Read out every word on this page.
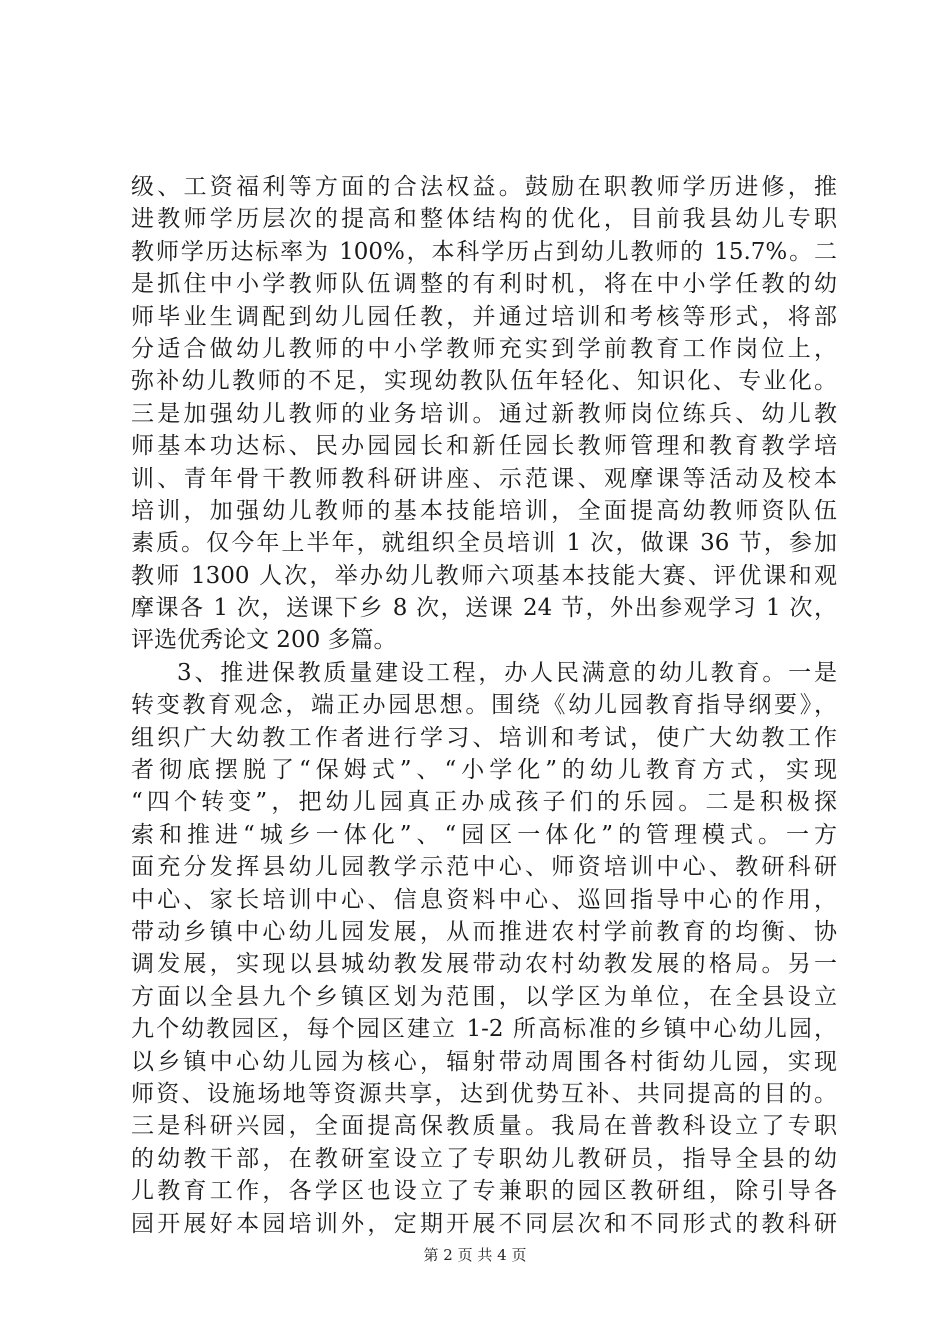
级、工资福利等方面的合法权益。鼓励在职教师学历进修，推
进教师学历层次的提高和整体结构的优化，目前我县幼儿专职
教师学历达标率为 100%，本科学历占到幼儿教师的 15.7%。二
是抓住中小学教师队伍调整的有利时机，将在中小学任教的幼
师毕业生调配到幼儿园任教，并通过培训和考核等形式，将部
分适合做幼儿教师的中小学教师充实到学前教育工作岗位上，
弥补幼儿教师的不足，实现幼教队伍年轻化、知识化、专业化。
三是加强幼儿教师的业务培训。通过新教师岗位练兵、幼儿教
师基本功达标、民办园园长和新任园长教师管理和教育教学培
训、青年骨干教师教科研讲座、示范课、观摩课等活动及校本
培训，加强幼儿教师的基本技能培训，全面提高幼教师资队伍
素质。仅今年上半年，就组织全员培训 1 次，做课 36 节，参加
教师 1300 人次，举办幼儿教师六项基本技能大赛、评优课和观
摩课各 1 次，送课下乡 8 次，送课 24 节，外出参观学习 1 次，
评选优秀论文 200 多篇。
3、推进保教质量建设工程，办人民满意的幼儿教育。一是
转变教育观念，端正办园思想。围绕《幼儿园教育指导纲要》，
组织广大幼教工作者进行学习、培训和考试，使广大幼教工作
者彻底摆脱了“保姆式”、“小学化”的幼儿教育方式，实现
“四个转变”，把幼儿园真正办成孩子们的乐园。二是积极探
索和推进“城乡一体化”、“园区一体化”的管理模式。一方
面充分发挥县幼儿园教学示范中心、师资培训中心、教研科研
中心、家长培训中心、信息资料中心、巡回指导中心的作用，
带动乡镇中心幼儿园发展，从而推进农村学前教育的均衡、协
调发展，实现以县城幼教发展带动农村幼教发展的格局。另一
方面以全县九个乡镇区划为范围，以学区为单位，在全县设立
九个幼教园区，每个园区建立 1-2 所高标准的乡镇中心幼儿园，
以乡镇中心幼儿园为核心，辐射带动周围各村街幼儿园，实现
师资、设施场地等资源共享，达到优势互补、共同提高的目的。
三是科研兴园，全面提高保教质量。我局在普教科设立了专职
的幼教干部，在教研室设立了专职幼儿教研员，指导全县的幼
儿教育工作，各学区也设立了专兼职的园区教研组，除引导各
园开展好本园培训外，定期开展不同层次和不同形式的教科研
第 2 页 共 4 页
